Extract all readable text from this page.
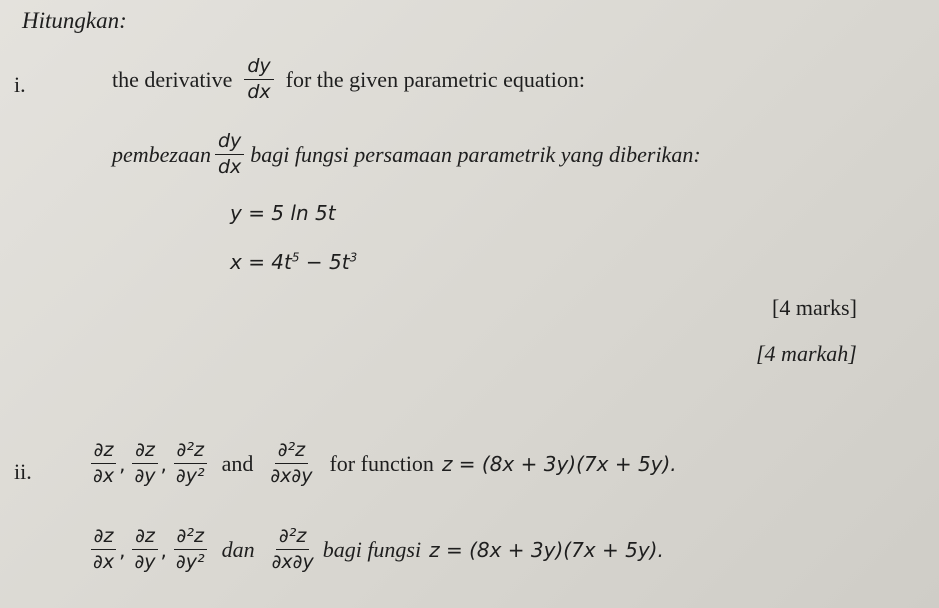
Hitungkan:
i.	the derivative $\frac{dy}{dx}$ for the given parametric equation:
pembezaan $\frac{dy}{dx}$ bagi fungsi persamaan parametrik yang diberikan:
y = 5 ln 5t
$x = 4t^5 - 5t^3$
[4 marks]
[4 markah]
ii.	$\frac{\partial z}{\partial x}$ , $\frac{\partial z}{\partial y}$ , $\frac{\text{∂²z}}{\text{∂y²}}$ and $\frac{\text{∂²z}}{\partial x\partial y}$ for function z = (8x + 3y)(7x + 5y).
$\frac{\partial z}{\partial x}$ , $\frac{\partial z}{\partial y}$ , $\frac{\text{∂²z}}{\text{∂y²}}$ dan $\frac{\text{∂²z}}{\partial x\partial y}$ bagi fungsi z = (8x + 3y)(7x + 5y).
